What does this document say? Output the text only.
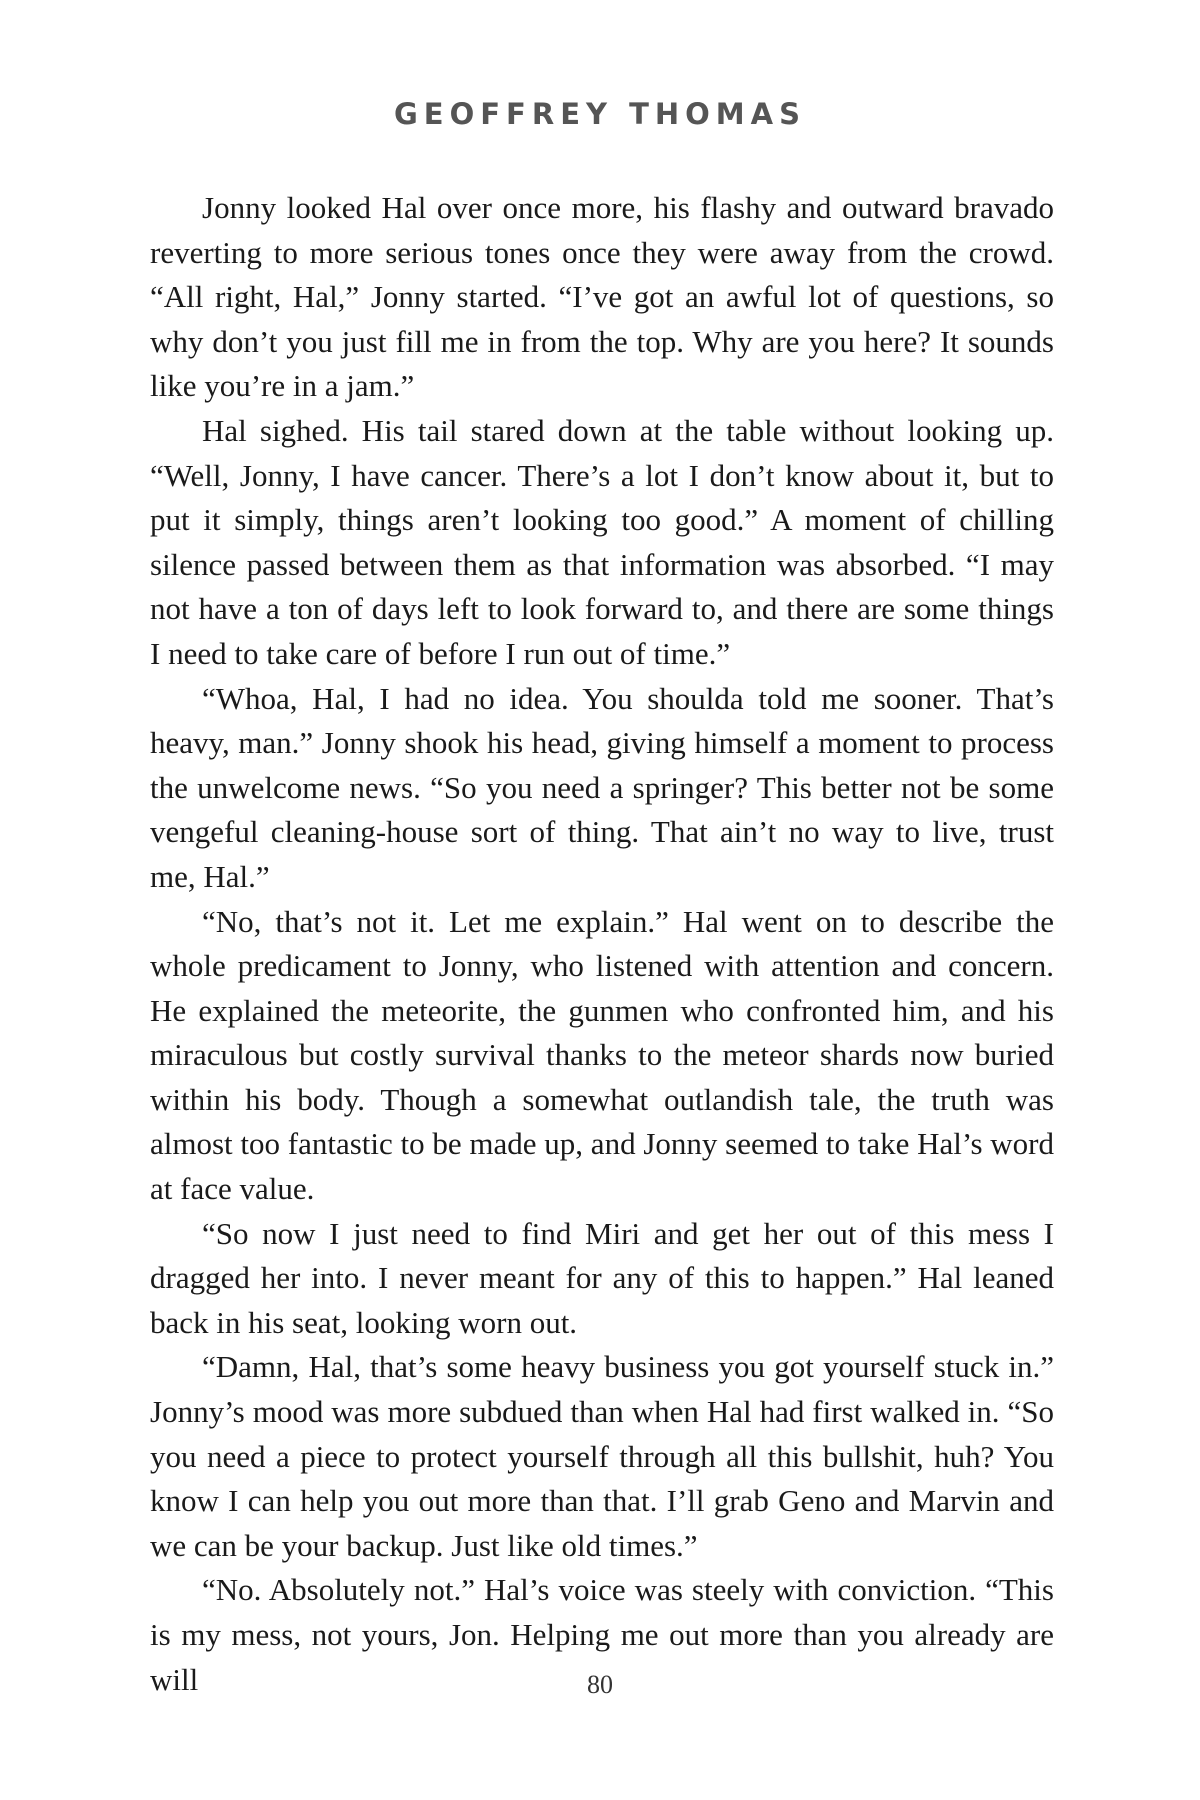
GEOFFREY THOMAS

Jonny looked Hal over once more, his flashy and outward bravado reverting to more serious tones once they were away from the crowd. “All right, Hal,” Jonny started. “I’ve got an awful lot of questions, so why don’t you just fill me in from the top. Why are you here? It sounds like you’re in a jam.”

Hal sighed. His tail stared down at the table without looking up. “Well, Jonny, I have cancer. There’s a lot I don’t know about it, but to put it simply, things aren’t looking too good.” A moment of chilling silence passed between them as that information was absorbed. “I may not have a ton of days left to look forward to, and there are some things I need to take care of before I run out of time.”

“Whoa, Hal, I had no idea. You shoulda told me sooner. That’s heavy, man.” Jonny shook his head, giving himself a moment to process the unwelcome news. “So you need a springer? This better not be some vengeful cleaning-house sort of thing. That ain’t no way to live, trust me, Hal.”

“No, that’s not it. Let me explain.” Hal went on to describe the whole predicament to Jonny, who listened with attention and concern. He explained the meteorite, the gunmen who confronted him, and his miraculous but costly survival thanks to the meteor shards now buried within his body. Though a somewhat outlandish tale, the truth was almost too fantastic to be made up, and Jonny seemed to take Hal’s word at face value.

“So now I just need to find Miri and get her out of this mess I dragged her into. I never meant for any of this to happen.” Hal leaned back in his seat, looking worn out.

“Damn, Hal, that’s some heavy business you got yourself stuck in.” Jonny’s mood was more subdued than when Hal had first walked in. “So you need a piece to protect yourself through all this bullshit, huh? You know I can help you out more than that. I’ll grab Geno and Marvin and we can be your backup. Just like old times.”

“No. Absolutely not.” Hal’s voice was steely with conviction. “This is my mess, not yours, Jon. Helping me out more than you already are will	80
